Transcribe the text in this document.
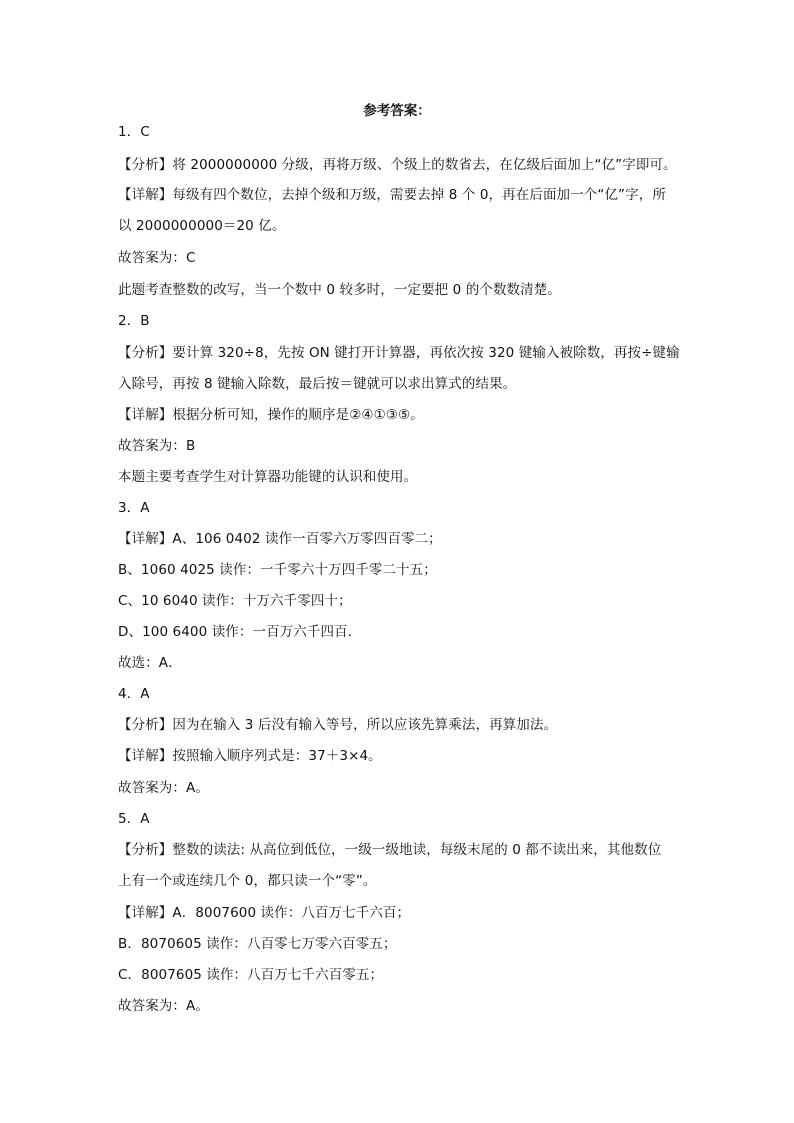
参考答案：
1．C
【分析】将 2000000000 分级，再将万级、个级上的数省去，在亿级后面加上“亿”字即可。
【详解】每级有四个数位，去掉个级和万级，需要去掉 8 个 0，再在后面加一个“亿”字，所
以 2000000000＝20 亿。
故答案为：C
此题考查整数的改写，当一个数中 0 较多时，一定要把 0 的个数数清楚。
2．B
【分析】要计算 320÷8，先按 ON 键打开计算器，再依次按 320 键输入被除数，再按÷键输
入除号，再按 8 键输入除数，最后按＝键就可以求出算式的结果。
【详解】根据分析可知，操作的顺序是②④①③⑤。
故答案为：B
本题主要考查学生对计算器功能键的认识和使用。
3．A
【详解】A、106 0402 读作一百零六万零四百零二；
B、1060 4025 读作：一千零六十万四千零二十五；
C、10 6040 读作：十万六千零四十；
D、100 6400 读作：一百万六千四百．
故选：A．
4．A
【分析】因为在输入 3 后没有输入等号，所以应该先算乘法，再算加法。
【详解】按照输入顺序列式是：37＋3×4。
故答案为：A。
5．A
【分析】整数的读法: 从高位到低位，一级一级地读，每级末尾的 0 都不读出来，其他数位
上有一个或连续几个 0，都只读一个“零”。
【详解】A．8007600 读作：八百万七千六百；
B．8070605 读作：八百零七万零六百零五；
C．8007605 读作：八百万七千六百零五；
故答案为：A。
